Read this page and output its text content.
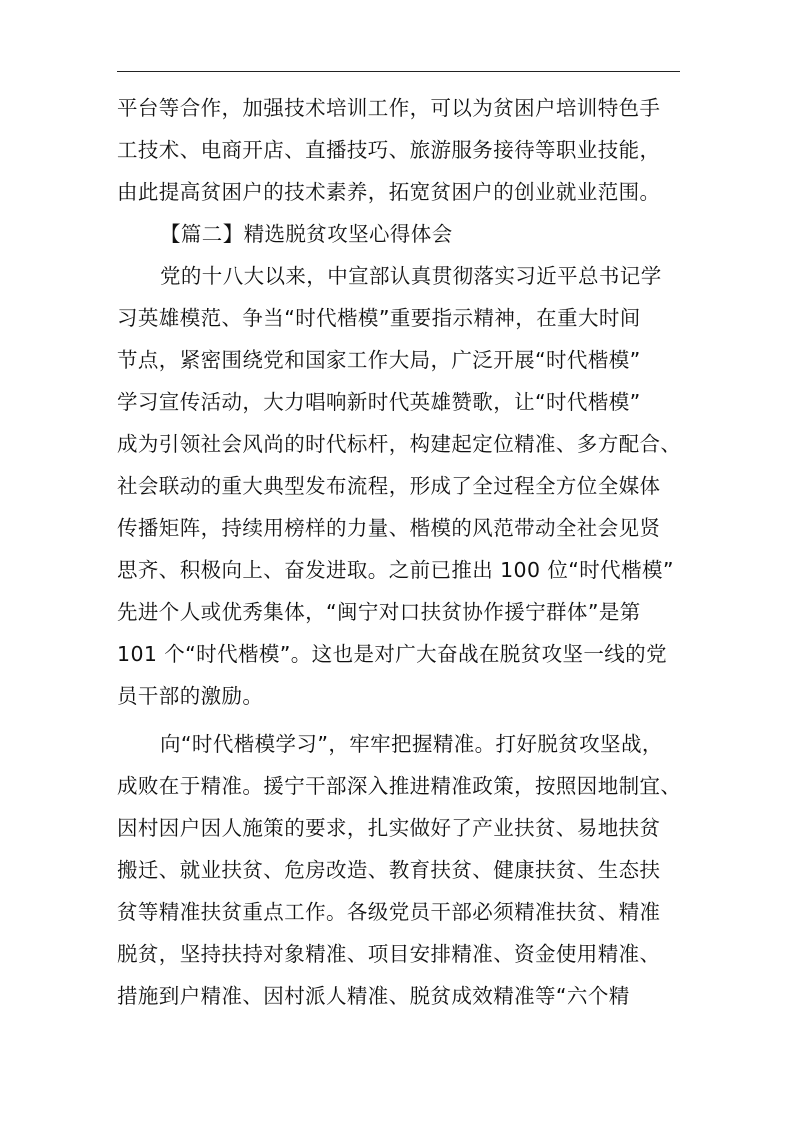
平台等合作，加强技术培训工作，可以为贫困户培训特色手
工技术、电商开店、直播技巧、旅游服务接待等职业技能，
由此提高贫困户的技术素养，拓宽贫困户的创业就业范围。
【篇二】精选脱贫攻坚心得体会
党的十八大以来，中宣部认真贯彻落实习近平总书记学
习英雄模范、争当“时代楷模”重要指示精神，在重大时间
节点，紧密围绕党和国家工作大局，广泛开展“时代楷模”
学习宣传活动，大力唱响新时代英雄赞歌，让“时代楷模”
成为引领社会风尚的时代标杆，构建起定位精准、多方配合、
社会联动的重大典型发布流程，形成了全过程全方位全媒体
传播矩阵，持续用榜样的力量、楷模的风范带动全社会见贤
思齐、积极向上、奋发进取。之前已推出 100 位“时代楷模”
先进个人或优秀集体，“闽宁对口扶贫协作援宁群体”是第
101 个“时代楷模”。这也是对广大奋战在脱贫攻坚一线的党
员干部的激励。
向“时代楷模学习”，牢牢把握精准。打好脱贫攻坚战，
成败在于精准。援宁干部深入推进精准政策，按照因地制宜、
因村因户因人施策的要求，扎实做好了产业扶贫、易地扶贫
搬迁、就业扶贫、危房改造、教育扶贫、健康扶贫、生态扶
贫等精准扶贫重点工作。各级党员干部必须精准扶贫、精准
脱贫，坚持扶持对象精准、项目安排精准、资金使用精准、
措施到户精准、因村派人精准、脱贫成效精准等“六个精
